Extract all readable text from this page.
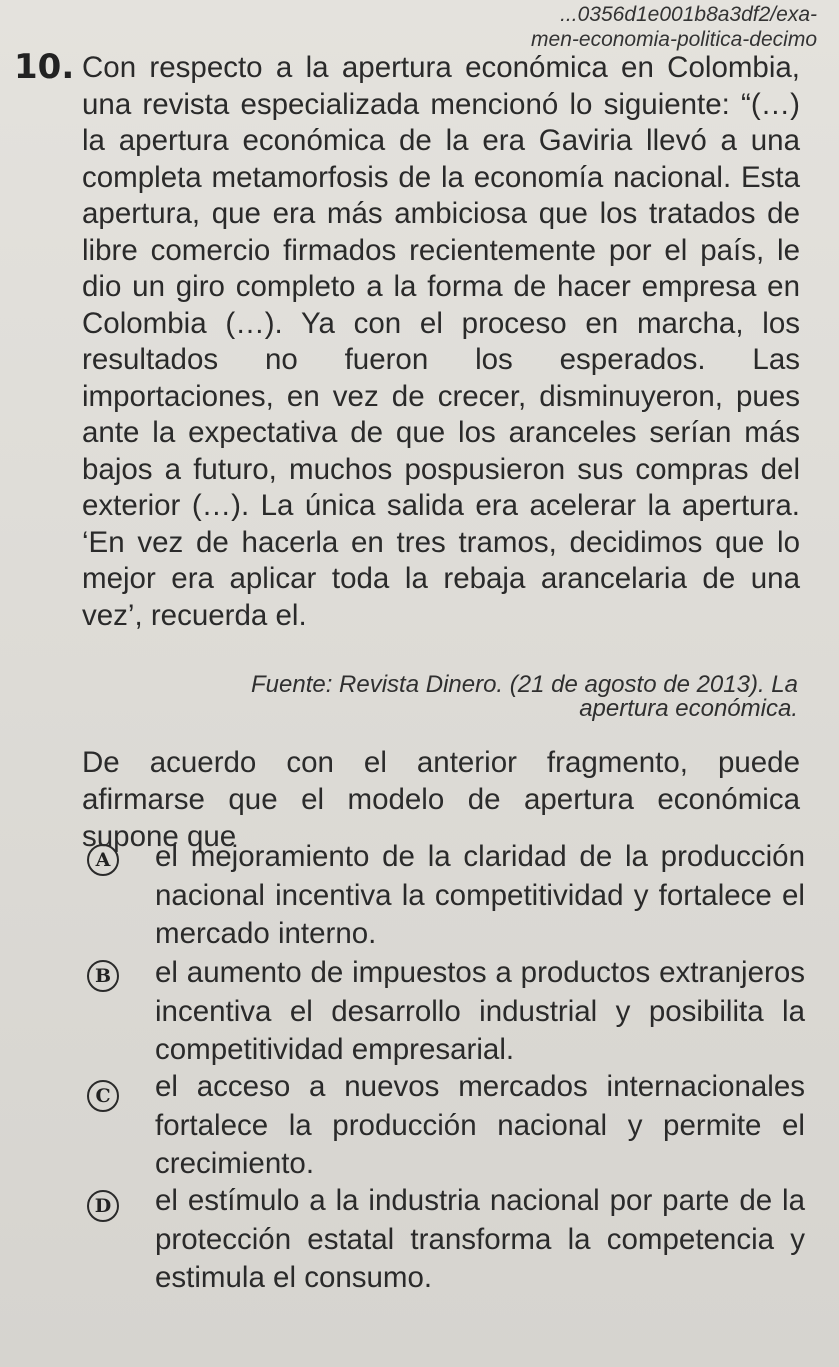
...0356d1e001b8a3df2/exa-
men-economia-politica-decimo
10. Con respecto a la apertura económica en Colombia, una revista especializada mencionó lo siguiente: “(…) la apertura económica de la era Gaviria llevó a una completa metamorfosis de la economía nacional. Esta apertura, que era más ambiciosa que los tratados de libre comercio firmados recientemente por el país, le dio un giro completo a la forma de hacer empresa en Colombia (…). Ya con el proceso en marcha, los resultados no fueron los esperados. Las importaciones, en vez de crecer, disminuyeron, pues ante la expectativa de que los aranceles serían más bajos a futuro, muchos pospusieron sus compras del exterior (…). La única salida era acelerar la apertura. ‘En vez de hacerla en tres tramos, decidimos que lo mejor era aplicar toda la rebaja arancelaria de una vez’, recuerda el.
Fuente: Revista Dinero. (21 de agosto de 2013). La
apertura económica.
De acuerdo con el anterior fragmento, puede afirmarse que el modelo de apertura económica supone que
A el mejoramiento de la claridad de la producción nacional incentiva la competitividad y fortalece el mercado interno.
B el aumento de impuestos a productos extranjeros incentiva el desarrollo industrial y posibilita la competitividad empresarial.
C el acceso a nuevos mercados internacionales fortalece la producción nacional y permite el crecimiento.
D el estímulo a la industria nacional por parte de la protección estatal transforma la competencia y estimula el consumo.
